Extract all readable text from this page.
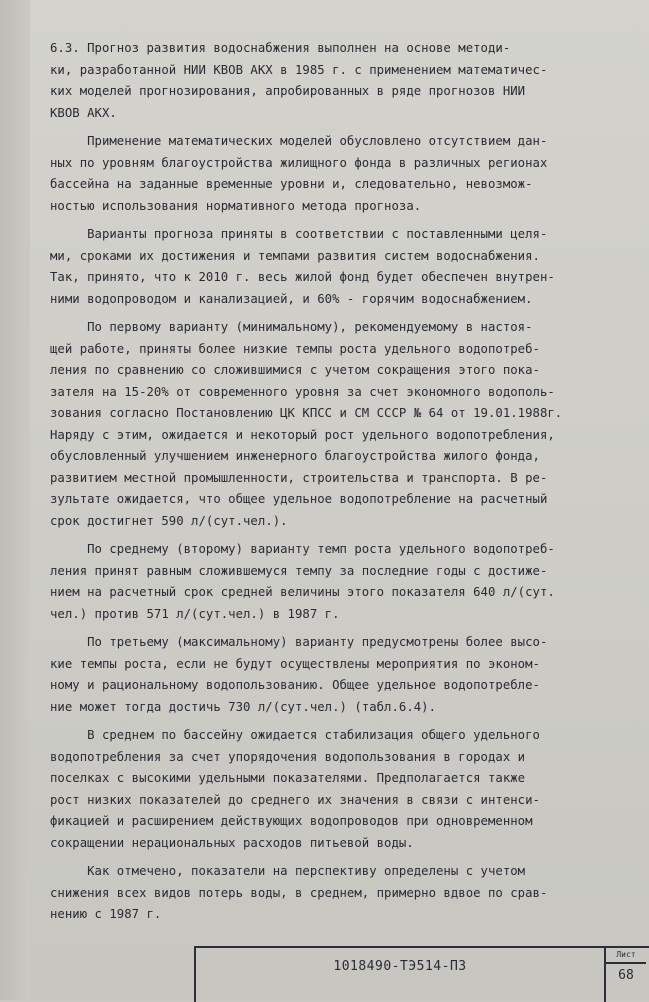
6.3. Прогноз развития водоснабжения выполнен на основе методи-
ки, разработанной НИИ КВОВ АКХ в 1985 г. с применением математичес-
ких моделей прогнозирования, апробированных в ряде прогнозов НИИ
КВОВ АКХ.

Применение математических моделей обусловлено отсутствием дан-
ных по уровням благоустройства жилищного фонда в различных регионах
бассейна на заданные временные уровни и, следовательно, невозмож-
ностью использования нормативного метода прогноза.

Варианты прогноза приняты в соответствии с поставленными целя-
ми, сроками их достижения и темпами развития систем водоснабжения.
Так, принято, что к 2010 г. весь жилой фонд будет обеспечен внутрен-
ними водопроводом и канализацией, и 60% - горячим водоснабжением.

По первому варианту (минимальному), рекомендуемому в настоя-
щей работе, приняты более низкие темпы роста удельного водопотреб-
ления по сравнению со сложившимися с учетом сокращения этого пока-
зателя на 15-20% от современного уровня за счет экономного водополь-
зования согласно Постановлению ЦК КПСС и СМ СССР № 64 от 19.01.1988г.
Наряду с этим, ожидается и некоторый рост удельного водопотребления,
обусловленный улучшением инженерного благоустройства жилого фонда,
развитием местной промышленности, строительства и транспорта. В ре-
зультате ожидается, что общее удельное водопотребление на расчетный
срок достигнет 590 л/(сут.чел.).

По среднему (второму) варианту темп роста удельного водопотреб-
ления принят равным сложившемуся темпу за последние годы с достиже-
нием на расчетный срок средней величины этого показателя 640 л/(сут.
чел.) против 571 л/(сут.чел.) в 1987 г.

По третьему (максимальному) варианту предусмотрены более высо-
кие темпы роста, если не будут осуществлены мероприятия по эконом-
ному и рациональному водопользованию. Общее удельное водопотребле-
ние может тогда достичь 730 л/(сут.чел.) (табл.6.4).

В среднем по бассейну ожидается стабилизация общего удельного
водопотребления за счет упорядочения водопользования в городах и
поселках с высокими удельными показателями. Предполагается также
рост низких показателей до среднего их значения в связи с интенси-
фикацией и расширением действующих водопроводов при одновременном
сокращении нерациональных расходов питьевой воды.

Как отмечено, показатели на перспективу определены с учетом
снижения всех видов потерь воды, в среднем, примерно вдвое по срав-
нению с 1987 г.

1018490-ТЭ514-ПЗ
Лист
68
